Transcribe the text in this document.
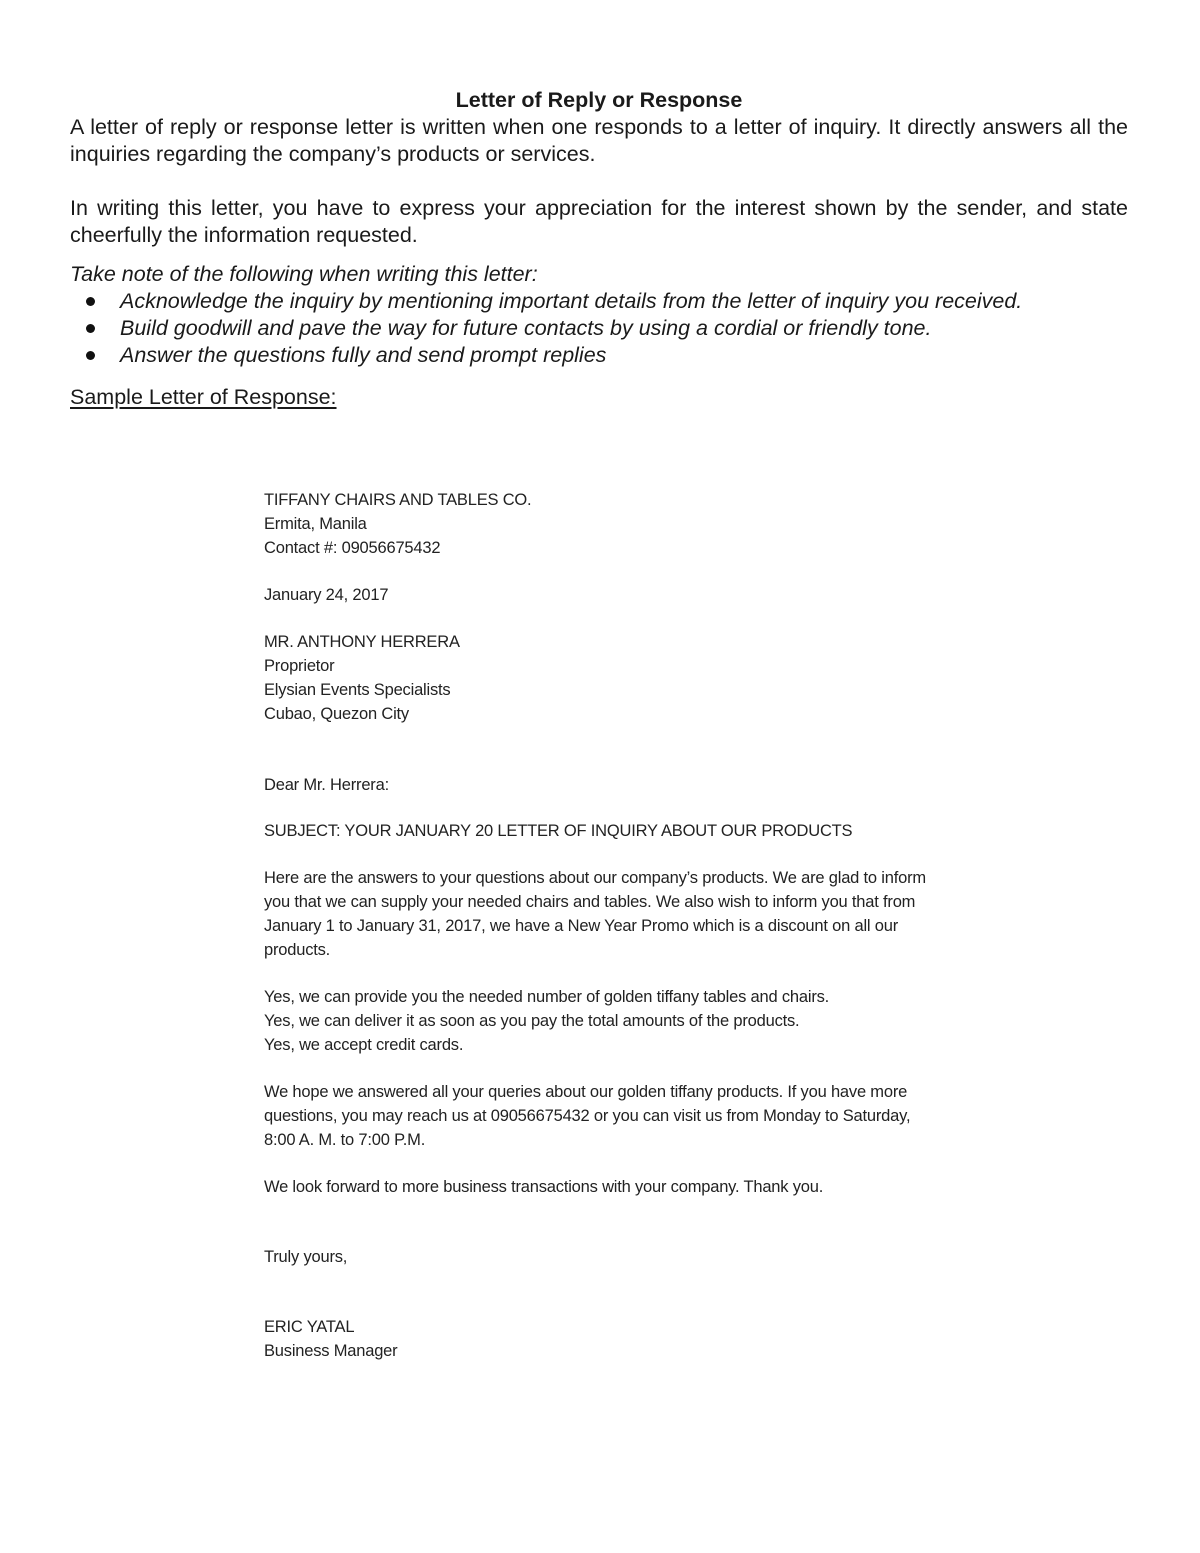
Letter of Reply or Response

A letter of reply or response letter is written when one responds to a letter of inquiry. It directly answers all the inquiries regarding the company’s products or services.

In writing this letter, you have to express your appreciation for the interest shown by the sender, and state cheerfully the information requested.

Take note of the following when writing this letter:

Acknowledge the inquiry by mentioning important details from the letter of inquiry you received.
Build goodwill and pave the way for future contacts by using a cordial or friendly tone.
Answer the questions fully and send prompt replies

Sample Letter of Response:

TIFFANY CHAIRS AND TABLES CO.
Ermita, Manila
Contact #: 09056675432

January 24, 2017

MR. ANTHONY HERRERA
Proprietor
Elysian Events Specialists
Cubao, Quezon City

Dear Mr. Herrera:

SUBJECT: YOUR JANUARY 20 LETTER OF INQUIRY ABOUT OUR PRODUCTS

Here are the answers to your questions about our company’s products. We are glad to inform
you that we can supply your needed chairs and tables. We also wish to inform you that from
January 1 to January 31, 2017, we have a New Year Promo which is a discount on all our
products.

Yes, we can provide you the needed number of golden tiffany tables and chairs.
Yes, we can deliver it as soon as you pay the total amounts of the products.
Yes, we accept credit cards.

We hope we answered all your queries about our golden tiffany products. If you have more
questions, you may reach us at 09056675432 or you can visit us from Monday to Saturday,
8:00 A. M. to 7:00 P.M.

We look forward to more business transactions with your company. Thank you.

Truly yours,

ERIC YATAL
Business Manager
